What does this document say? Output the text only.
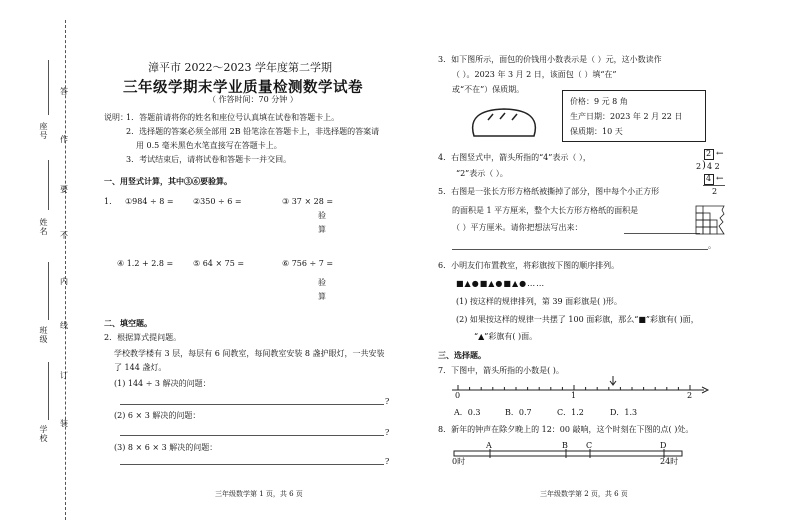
座号
姓名
班级
学校
答
作
要
不
内
线
订
装
漳平市 2022～2023 学年度第二学期
三年级学期末学业质量检测数学试卷
（ 作答时间：70 分钟 ）
说明：
1．答题前请将你的姓名和座位号认真填在试卷和答题卡上。
2．选择题的答案必须全部用 2B 铅笔涂在答题卡上，非选择题的答案请
用 0.5 毫米黑色水笔直接写在答题卡上。
3．考试结束后，请将试卷和答题卡一并交回。
一、用竖式计算，其中③⑥要验算。
1. ①984 ÷ 8 = ②350 ÷ 6 =	③ 37 × 28 =
验
算
④ 1.2 + 2.8 = ⑤ 64 × 75 =	⑥ 756 ÷ 7 =
验
算
二、填空题。
2．根据算式提问题。
学校教学楼有 3 层，每层有 6 间教室，每间教室安装 8 盏护眼灯，一共安装
了 144 盏灯。
(1) 144 ÷ 3 解决的问题：
?
(2) 6 × 3 解决的问题：
?
(3) 8 × 6 × 3 解决的问题：
?
三年级数学第 1 页，共 6 页
3．如下图所示，面包的价钱用小数表示是（ ）元，这小数读作
（ ）。2023 年 3 月 2 日，该面包（ ）填“在”
或“不在”）保质期。
价格：9 元 8 角
生产日期：2023 年 2 月 22 日
保质期：10 天
4．右图竖式中，箭头所指的“4”表示（ ），
“2”表示（ ）。
2 ←
2 ) 4 2
4 ←
2
5．右图是一张长方形方格纸被撕掉了部分，图中每个小正方形
的面积是 1 平方厘米，整个大长方形方格纸的面积是
（ ）平方厘米。请你把想法写出来：
。
6．小明友们布置教室，将彩旗按下图的顺序排列。
■▲●■▲●■▲●……
(1) 按这样的规律排列，第 39 面彩旗是( )形。
(2) 如果按这样的规律一共摆了 100 面彩旗，那么“■”彩旗有( )面，
“▲”彩旗有( )面。
三、选择题。
7．下图中，箭头所指的小数是( )。
0	1	2
A．0.3	B．0.7	C．1.2	D．1.3
8．新年的钟声在除夕晚上的 12：00 敲响，这个时刻在下图的点( )处。
A	B C	D
0时	24时
三年级数学第 2 页，共 6 页
